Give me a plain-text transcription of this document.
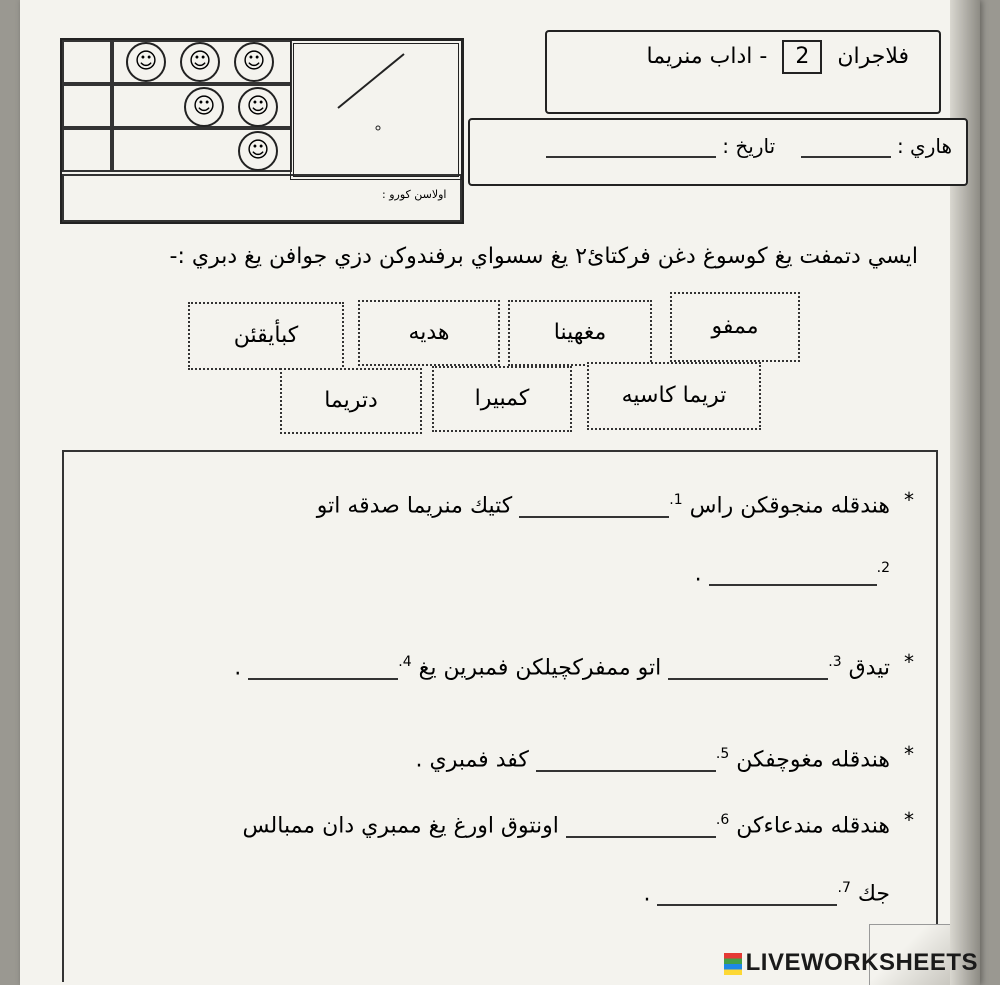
☺	☺	☺
☺	☺
☺
اولاسن كورو :
فلاجران 2 - اداب منريما
هاري :     تاريخ :
ايسي دتمفت يغ كوسوغ دغن فركتائ٢ يغ سسواي برفندوكن دزي جوافن يغ دبري :-
ممفو
مغهينا
هديه
كبأيقئن
تريما كاسيه
كمبيرا
دتريما
*
هندقله منجوقكن راس $^{1.}$ كتيك منريما صدقه اتو
$^{2.}$ .
*
تيدق $^{3.}$ اتو ممفركچيلكن فمبرين يغ $^{4.}$ .
*
هندقله مغوچفكن $^{5.}$ كفد فمبري .
*
هندقله مندعاءكن $^{6.}$ اونتوق اورغ يغ ممبري دان ممبالس
جك $^{7.}$ .
LIVEWORKSHEETS
